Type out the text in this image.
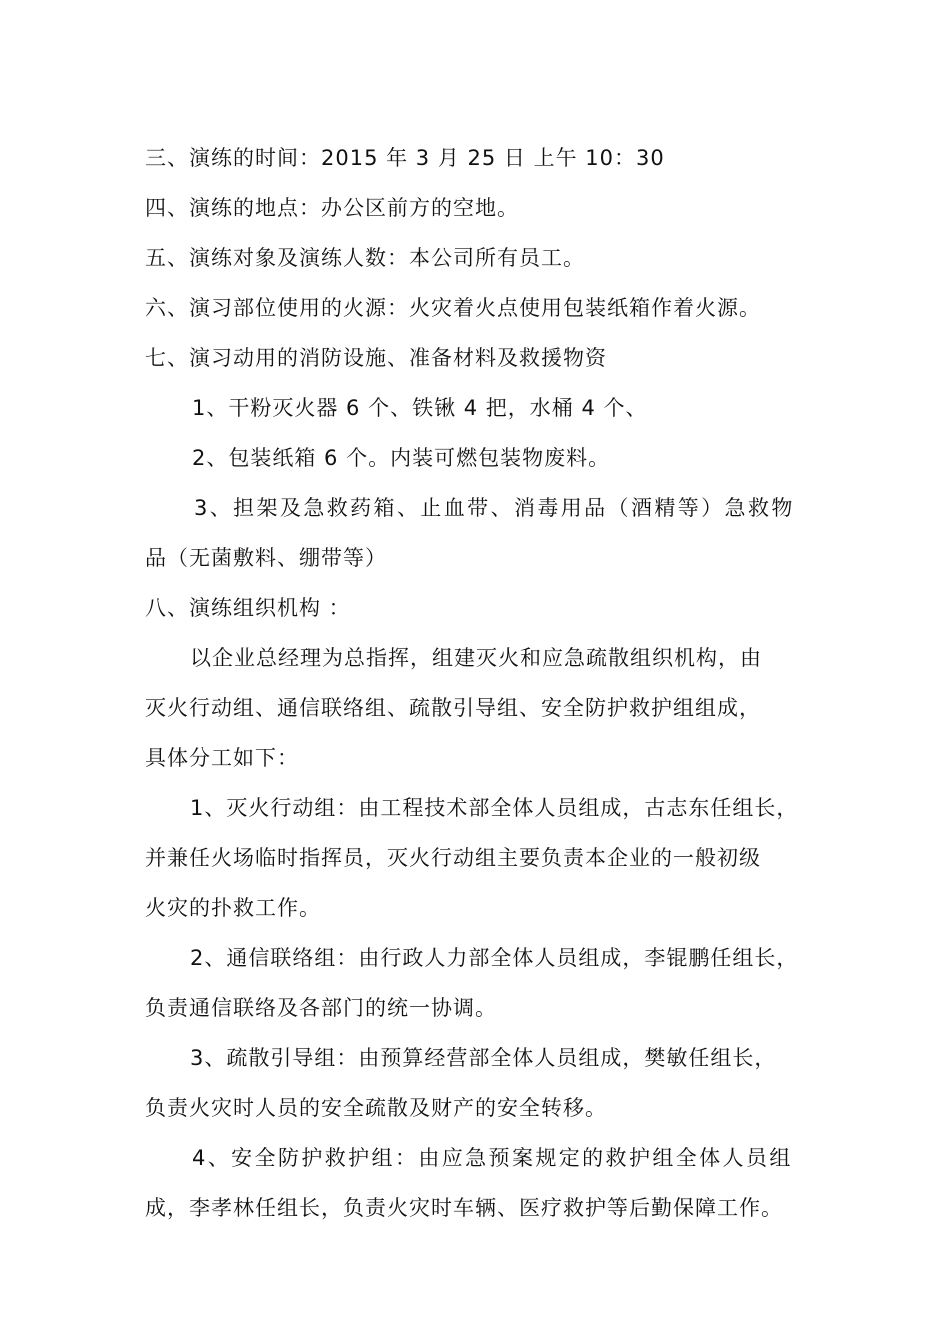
三、演练的时间：2015 年 3 月 25 日 上午 10：30
四、演练的地点：办公区前方的空地。
五、演练对象及演练人数：本公司所有员工。
六、演习部位使用的火源：火灾着火点使用包装纸箱作着火源。
七、演习动用的消防设施、准备材料及救援物资
1、干粉灭火器 6 个、铁锹 4 把，水桶 4 个、
2、包装纸箱 6 个。内装可燃包装物废料。
3、担架及急救药箱、止血带、消毒用品（酒精等）急救物
品（无菌敷料、绷带等）
八、演练组织机构 ：
以企业总经理为总指挥，组建灭火和应急疏散组织机构，由
灭火行动组、通信联络组、疏散引导组、安全防护救护组组成，
具体分工如下：
1、灭火行动组：由工程技术部全体人员组成，古志东任组长，
并兼任火场临时指挥员，灭火行动组主要负责本企业的一般初级
火灾的扑救工作。
2、通信联络组：由行政人力部全体人员组成，李锟鹏任组长，
负责通信联络及各部门的统一协调。
3、疏散引导组：由预算经营部全体人员组成，樊敏任组长，
负责火灾时人员的安全疏散及财产的安全转移。
4、安全防护救护组：由应急预案规定的救护组全体人员组
成，李孝林任组长，负责火灾时车辆、医疗救护等后勤保障工作。
